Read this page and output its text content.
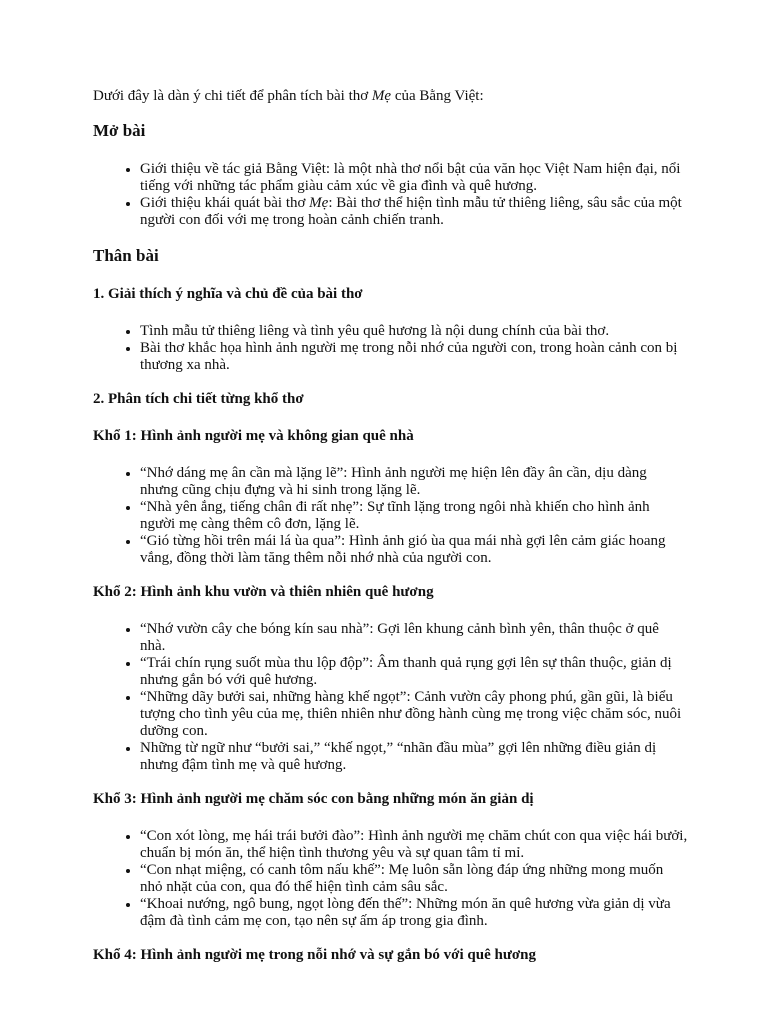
Dưới đây là dàn ý chi tiết để phân tích bài thơ Mẹ của Bằng Việt:

Mở bài
• Giới thiệu về tác giả Bằng Việt: là một nhà thơ nổi bật của văn học Việt Nam hiện đại, nổi tiếng với những tác phẩm giàu cảm xúc về gia đình và quê hương.
• Giới thiệu khái quát bài thơ Mẹ: Bài thơ thể hiện tình mẫu tử thiêng liêng, sâu sắc của một người con đối với mẹ trong hoàn cảnh chiến tranh.
Thân bài
1. Giải thích ý nghĩa và chủ đề của bài thơ
• Tình mẫu tử thiêng liêng và tình yêu quê hương là nội dung chính của bài thơ.
• Bài thơ khắc họa hình ảnh người mẹ trong nỗi nhớ của người con, trong hoàn cảnh con bị thương xa nhà.
2. Phân tích chi tiết từng khổ thơ
Khổ 1: Hình ảnh người mẹ và không gian quê nhà
• “Nhớ dáng mẹ ân cần mà lặng lẽ”: Hình ảnh người mẹ hiện lên đầy ân cần, dịu dàng nhưng cũng chịu đựng và hi sinh trong lặng lẽ.
• “Nhà yên ắng, tiếng chân đi rất nhẹ”: Sự tĩnh lặng trong ngôi nhà khiến cho hình ảnh người mẹ càng thêm cô đơn, lặng lẽ.
• “Gió từng hồi trên mái lá ùa qua”: Hình ảnh gió ùa qua mái nhà gợi lên cảm giác hoang vắng, đồng thời làm tăng thêm nỗi nhớ nhà của người con.
Khổ 2: Hình ảnh khu vườn và thiên nhiên quê hương
• “Nhớ vườn cây che bóng kín sau nhà”: Gợi lên khung cảnh bình yên, thân thuộc ở quê nhà.
• “Trái chín rụng suốt mùa thu lộp độp”: Âm thanh quả rụng gợi lên sự thân thuộc, giản dị nhưng gắn bó với quê hương.
• “Những dãy bưởi sai, những hàng khế ngọt”: Cảnh vườn cây phong phú, gần gũi, là biểu tượng cho tình yêu của mẹ, thiên nhiên như đồng hành cùng mẹ trong việc chăm sóc, nuôi dưỡng con.
• Những từ ngữ như “bưởi sai,” “khế ngọt,” “nhãn đầu mùa” gợi lên những điều giản dị nhưng đậm tình mẹ và quê hương.
Khổ 3: Hình ảnh người mẹ chăm sóc con bằng những món ăn giản dị
• “Con xót lòng, mẹ hái trái bưởi đào”: Hình ảnh người mẹ chăm chút con qua việc hái bưởi, chuẩn bị món ăn, thể hiện tình thương yêu và sự quan tâm tỉ mỉ.
• “Con nhạt miệng, có canh tôm nấu khế”: Mẹ luôn sẵn lòng đáp ứng những mong muốn nhỏ nhặt của con, qua đó thể hiện tình cảm sâu sắc.
• “Khoai nướng, ngô bung, ngọt lòng đến thế”: Những món ăn quê hương vừa giản dị vừa đậm đà tình cảm mẹ con, tạo nên sự ấm áp trong gia đình.
Khổ 4: Hình ảnh người mẹ trong nỗi nhớ và sự gắn bó với quê hương
